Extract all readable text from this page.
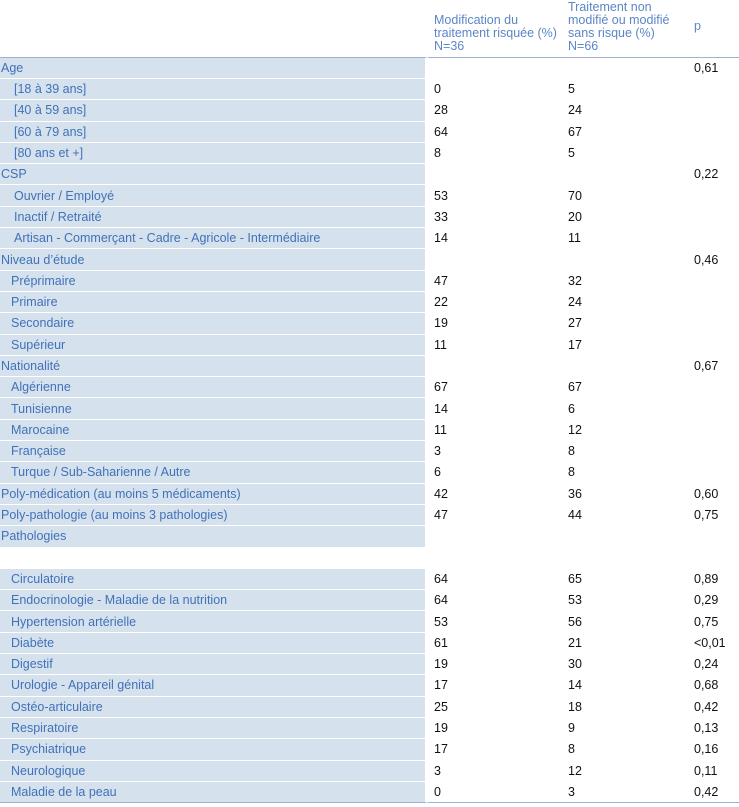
	Modification du traitement risquée (%) N=36	Traitement non modifié ou modifié sans risque (%) N=66	p

Age			0,61
[18 à 39 ans]	0	5	
[40 à 59 ans]	28	24	
[60 à 79 ans]	64	67	
[80 ans et +]	8	5	
CSP			0,22
Ouvrier / Employé	53	70	
Inactif / Retraité	33	20	
Artisan - Commerçant - Cadre - Agricole - Intermédiaire	14	11	
Niveau d’étude			0,46
Préprimaire	47	32	
Primaire	22	24	
Secondaire	19	27	
Supérieur	11	17	
Nationalité			0,67
Algérienne	67	67	
Tunisienne	14	6	
Marocaine	11	12	
Française	3	8	
Turque / Sub-Saharienne / Autre	6	8	
Poly-médication (au moins 5 médicaments)	42	36	0,60
Poly-pathologie (au moins 3 pathologies)	47	44	0,75
Pathologies			

Circulatoire	64	65	0,89
Endocrinologie - Maladie de la nutrition	64	53	0,29
Hypertension artérielle	53	56	0,75
Diabète	61	21	<0,01
Digestif	19	30	0,24
Urologie - Appareil génital	17	14	0,68
Ostéo-articulaire	25	18	0,42
Respiratoire	19	9	0,13
Psychiatrique	17	8	0,16
Neurologique	3	12	0,11
Maladie de la peau	0	3	0,42
